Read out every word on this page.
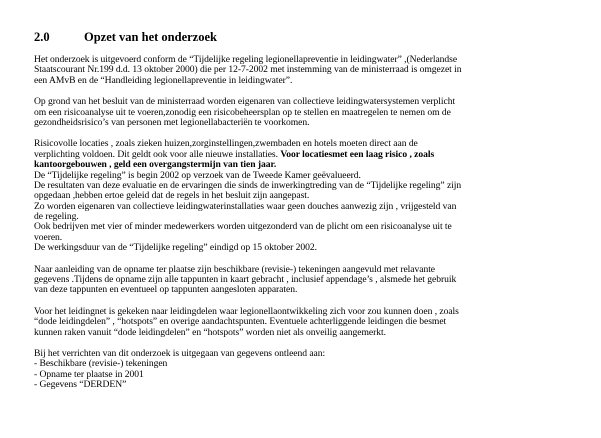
2.0	Opzet van het onderzoek
Het onderzoek is uitgevoerd conform de “Tijdelijke regeling legionellapreventie in leidingwater” ,(Nederlandse
Staatscourant Nr.199 d.d. 13 oktober 2000) die per 12-7-2002 met instemming van de ministerraad is omgezet in
een AMvB en de “Handleiding legionellapreventie in leidingwater”.
Op grond van het besluit van de ministerraad worden eigenaren van collectieve leidingwatersystemen verplicht
om een risicoanalyse uit te voeren,zonodig een risicobeheersplan op te stellen en maatregelen te nemen om de
gezondheidsrisico’s van personen met legionellabacteriën te voorkomen.
Risicovolle locaties , zoals zieken huizen,zorginstellingen,zwembaden en hotels moeten direct aan de
verplichting voldoen. Dit geldt ook voor alle nieuwe installaties. Voor locatiesmet een laag risico , zoals
kantoorgebouwen , geld een overgangstermijn van tien jaar.
De “Tijdelijke regeling” is begin 2002 op verzoek van de Tweede Kamer geëvalueerd.
De resultaten van deze evaluatie en de ervaringen die sinds de inwerkingtreding van de “Tijdelijke regeling” zijn
opgedaan ,hebben ertoe geleid dat de regels in het besluit zijn aangepast.
Zo worden eigenaren van collectieve leidingwaterinstallaties waar geen douches aanwezig zijn , vrijgesteld van
de regeling.
Ook bedrijven met vier of minder medewerkers worden uitgezonderd van de plicht om een risicoanalyse uit te
voeren.
De werkingsduur van de “Tijdelijke regeling” eindigd op 15 oktober 2002.
Naar aanleiding van de opname ter plaatse zijn beschikbare (revisie-) tekeningen aangevuld met relavante
gegevens .Tijdens de opname zijn alle tappunten in kaart gebracht , inclusief appendage’s , alsmede het gebruik
van deze tappunten en eventueel op tappunten aangesloten apparaten.
Voor het leidingnet is gekeken naar leidingdelen waar legionellaontwikkeling zich voor zou kunnen doen , zoals
“dode leidingdelen” , “hotspots” en overige aandachtspunten. Eventuele achterliggende leidingen die besmet
kunnen raken vanuit “dode leidingdelen” en “hotspots” worden niet als onveilig aangemerkt.
Bij het verrichten van dit onderzoek is uitgegaan van gegevens ontleend aan:
- Beschikbare (revisie-) tekeningen
- Opname ter plaatse in 2001
- Gegevens “DERDEN”
